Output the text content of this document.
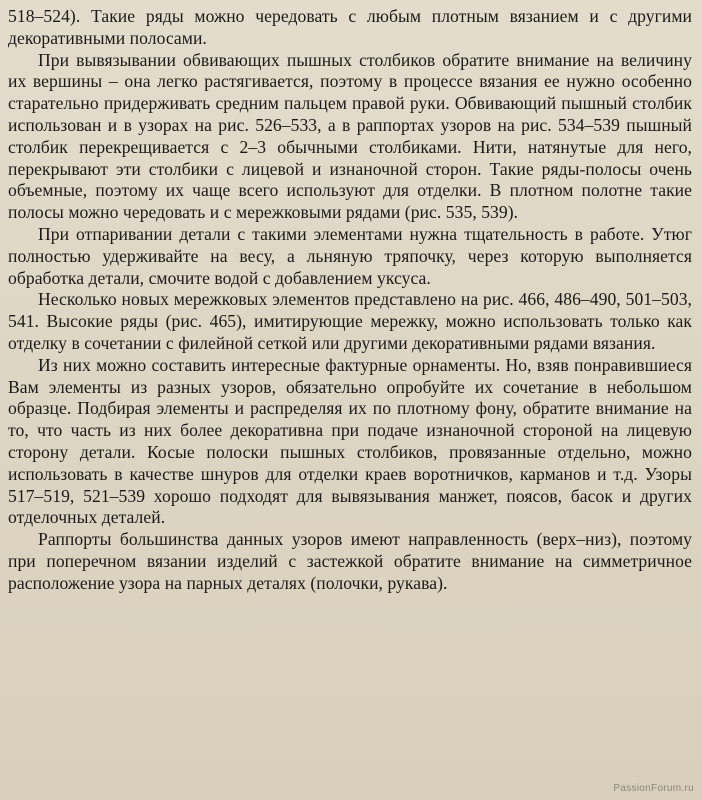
518–524). Такие ряды можно чередовать с любым плотным вязанием и с другими декоративными полосами.

При вывязывании обвивающих пышных столбиков обратите внимание на величину их вершины – она легко растягивается, поэтому в процессе вязания ее нужно особенно старательно придерживать средним пальцем правой руки. Обвивающий пышный столбик использован и в узорах на рис. 526–533, а в раппортах узоров на рис. 534–539 пышный столбик перекрещивается с 2–3 обычными столбиками. Нити, натянутые для него, перекрывают эти столбики с лицевой и изнаночной сторон. Такие ряды-полосы очень объемные, поэтому их чаще всего используют для отделки. В плотном полотне такие полосы можно чередовать и с мережковыми рядами (рис. 535, 539).

При отпаривании детали с такими элементами нужна тщательность в работе. Утюг полностью удерживайте на весу, а льняную тряпочку, через которую выполняется обработка детали, смочите водой с добавлением уксуса.

Несколько новых мережковых элементов представлено на рис. 466, 486–490, 501–503, 541. Высокие ряды (рис. 465), имитирующие мережку, можно использовать только как отделку в сочетании с филейной сеткой или другими декоративными рядами вязания.

Из них можно составить интересные фактурные орнаменты. Но, взяв понравившиеся Вам элементы из разных узоров, обязательно опробуйте их сочетание в небольшом образце. Подбирая элементы и распределяя их по плотному фону, обратите внимание на то, что часть из них более декоративна при подаче изнаночной стороной на лицевую сторону детали. Косые полоски пышных столбиков, провязанные отдельно, можно использовать в качестве шнуров для отделки краев воротничков, карманов и т.д. Узоры 517–519, 521–539 хорошо подходят для вывязывания манжет, поясов, басок и других отделочных деталей.

Раппорты большинства данных узоров имеют направленность (верх–низ), поэтому при поперечном вязании изделий с застежкой обратите внимание на симметричное расположение узора на парных деталях (полочки, рукава).

PassionForum.ru
